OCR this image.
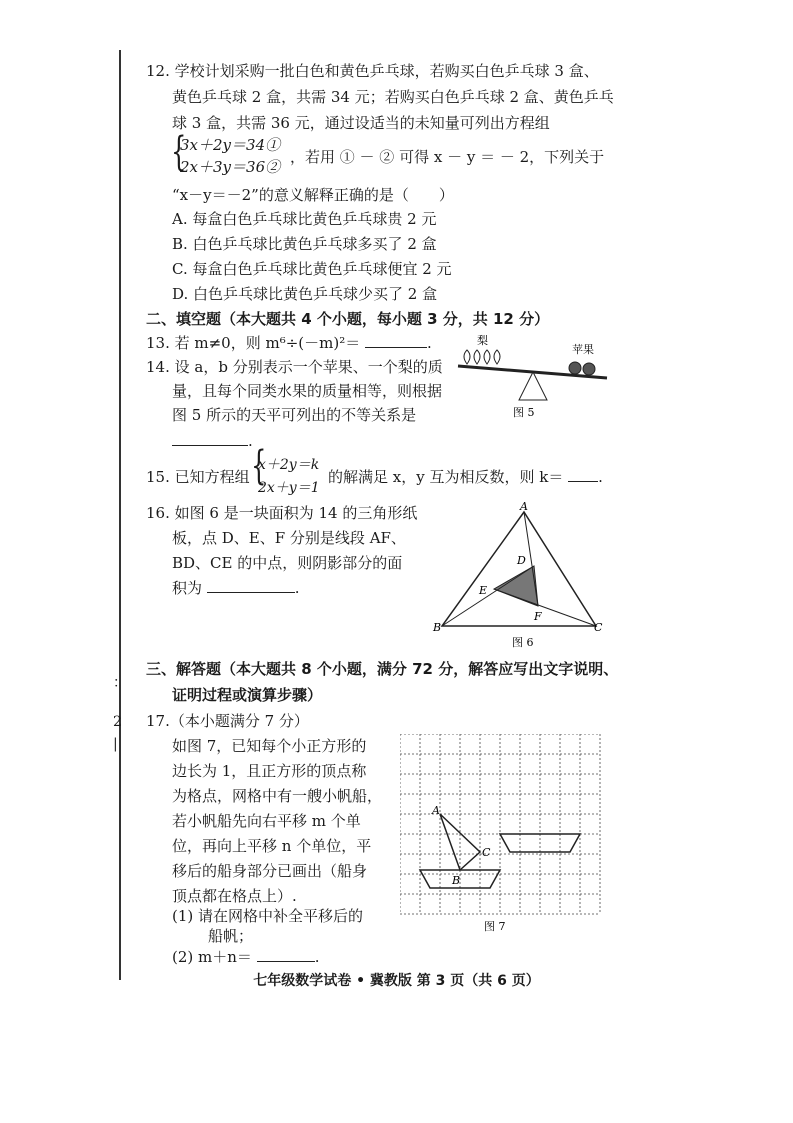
：
2
|
12. 学校计划采购一批白色和黄色乒乓球，若购买白色乒乓球 3 盒、
黄色乒乓球 2 盒，共需 34 元；若购买白色乒乓球 2 盒、黄色乒乓
球 3 盒，共需 36 元，通过设适当的未知量可列出方程组
{
3x＋2y＝34①
2x＋3y＝36②
，若用 ① － ② 可得 x － y ＝ － 2，下列关于
“x－y＝－2”的意义解释正确的是（　　）
A. 每盒白色乒乓球比黄色乒乓球贵 2 元
B. 白色乒乓球比黄色乒乓球多买了 2 盒
C. 每盒白色乒乓球比黄色乒乓球便宜 2 元
D. 白色乒乓球比黄色乒乓球少买了 2 盒
二、填空题（本大题共 4 个小题，每小题 3 分，共 12 分）
13. 若 m≠0，则 m⁶÷(－m)²＝	.
14. 设 a，b 分别表示一个苹果、一个梨的质
量，且每个同类水果的质量相等，则根据
图 5 所示的天平可列出的不等关系是
.
梨
苹果
图 5
15. 已知方程组 {
x＋2y＝k
2x＋y＝1
的解满足 x，y 互为相反数，则 k＝ .
16. 如图 6 是一块面积为 14 的三角形纸
板，点 D、E、F 分别是线段 AF、
BD、CE 的中点，则阴影部分的面
积为	.
A
B	C
D
E
F
图 6
三、解答题（本大题共 8 个小题，满分 72 分，解答应写出文字说明、
证明过程或演算步骤）
17.（本小题满分 7 分）
如图 7，已知每个小正方形的
边长为 1，且正方形的顶点称
为格点，网格中有一艘小帆船，
若小帆船先向右平移 m 个单
位，再向上平移 n 个单位，平
移后的船身部分已画出（船身
顶点都在格点上）.
(1) 请在网格中补全平移后的
船帆；
(2) m＋n＝	.
A
B
C
图 7
七年级数学试卷 • 冀教版 第 3 页（共 6 页）
